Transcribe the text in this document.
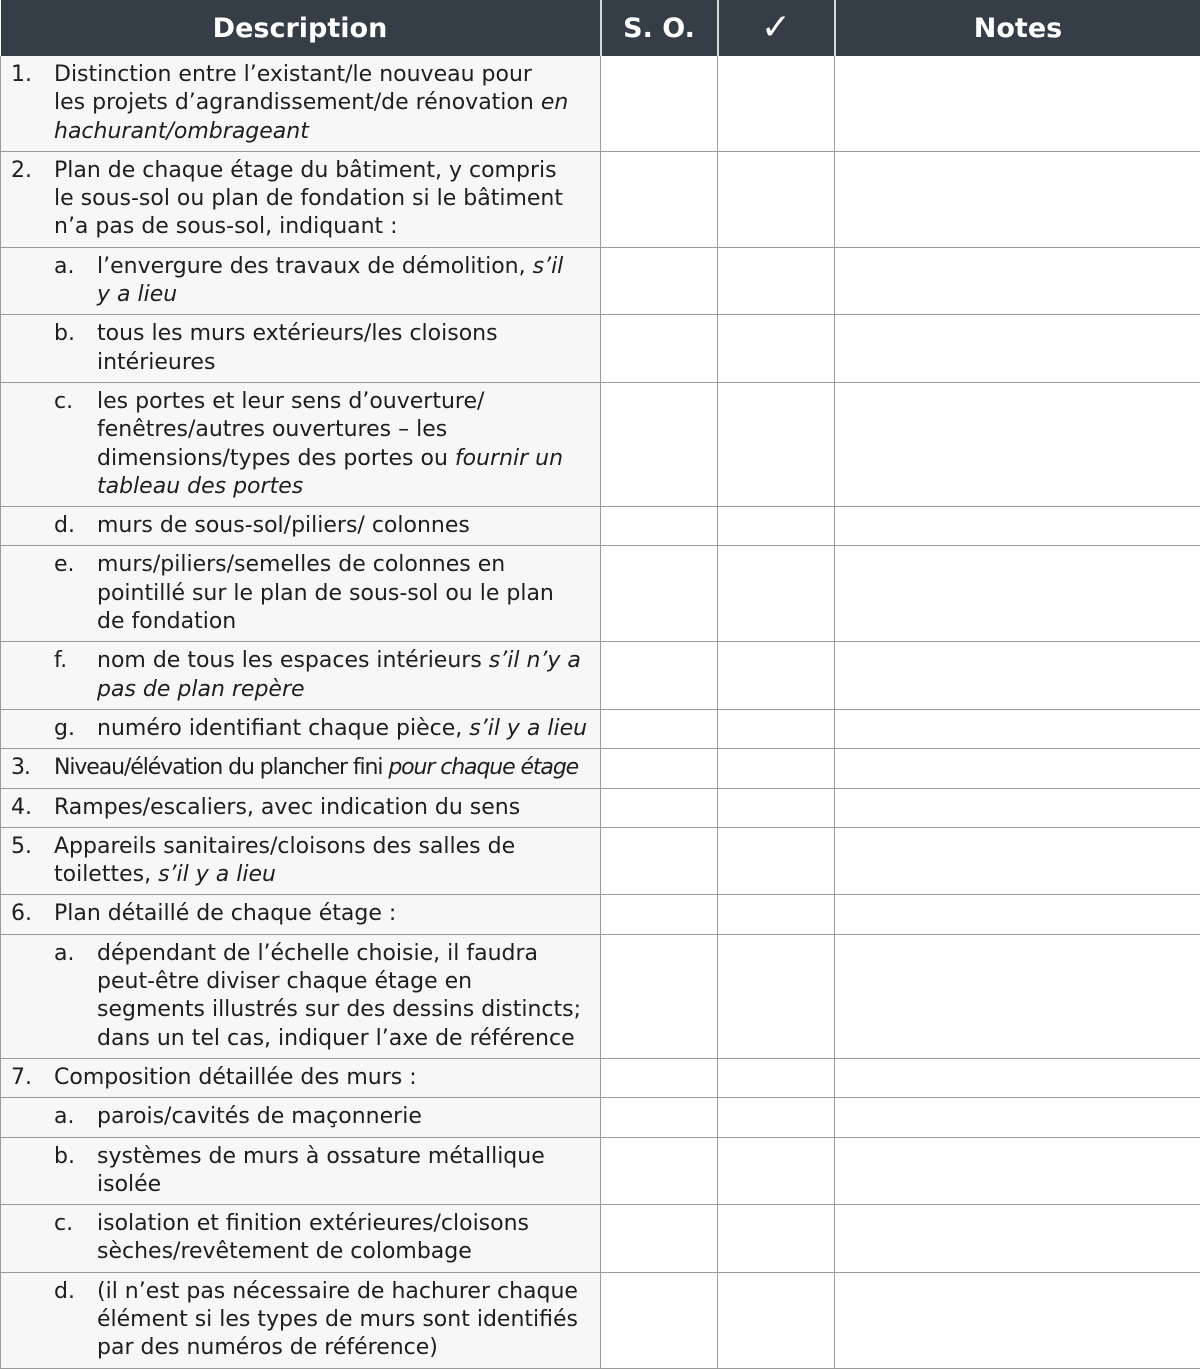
Description	S. O.	✓	Notes

1. Distinction entre l’existant/le nouveau pour
les projets d’agrandissement/de rénovation en
hachurant/ombrageant			

2. Plan de chaque étage du bâtiment, y compris
le sous-sol ou plan de fondation si le bâtiment
n’a pas de sous-sol, indiquant :			

a. l’envergure des travaux de démolition, s’il
y a lieu			

b. tous les murs extérieurs/les cloisons
intérieures			

c. les portes et leur sens d’ouverture/
fenêtres/autres ouvertures – les
dimensions/types des portes ou fournir un
tableau des portes			

d. murs de sous-sol/piliers/ colonnes			

e. murs/piliers/semelles de colonnes en
pointillé sur le plan de sous-sol ou le plan
de fondation			

f. nom de tous les espaces intérieurs s’il n’y a
pas de plan repère			

g. numéro identifiant chaque pièce, s’il y a lieu			

3. Niveau/élévation du plancher fini pour chaque étage			

4. Rampes/escaliers, avec indication du sens			

5. Appareils sanitaires/cloisons des salles de
toilettes, s’il y a lieu			

6. Plan détaillé de chaque étage :			

a. dépendant de l’échelle choisie, il faudra
peut-être diviser chaque étage en
segments illustrés sur des dessins distincts;
dans un tel cas, indiquer l’axe de référence			

7. Composition détaillée des murs :			

a. parois/cavités de maçonnerie			

b. systèmes de murs à ossature métallique
isolée			

c. isolation et finition extérieures/cloisons
sèches/revêtement de colombage			

d. (il n’est pas nécessaire de hachurer chaque
élément si les types de murs sont identifiés
par des numéros de référence)			
